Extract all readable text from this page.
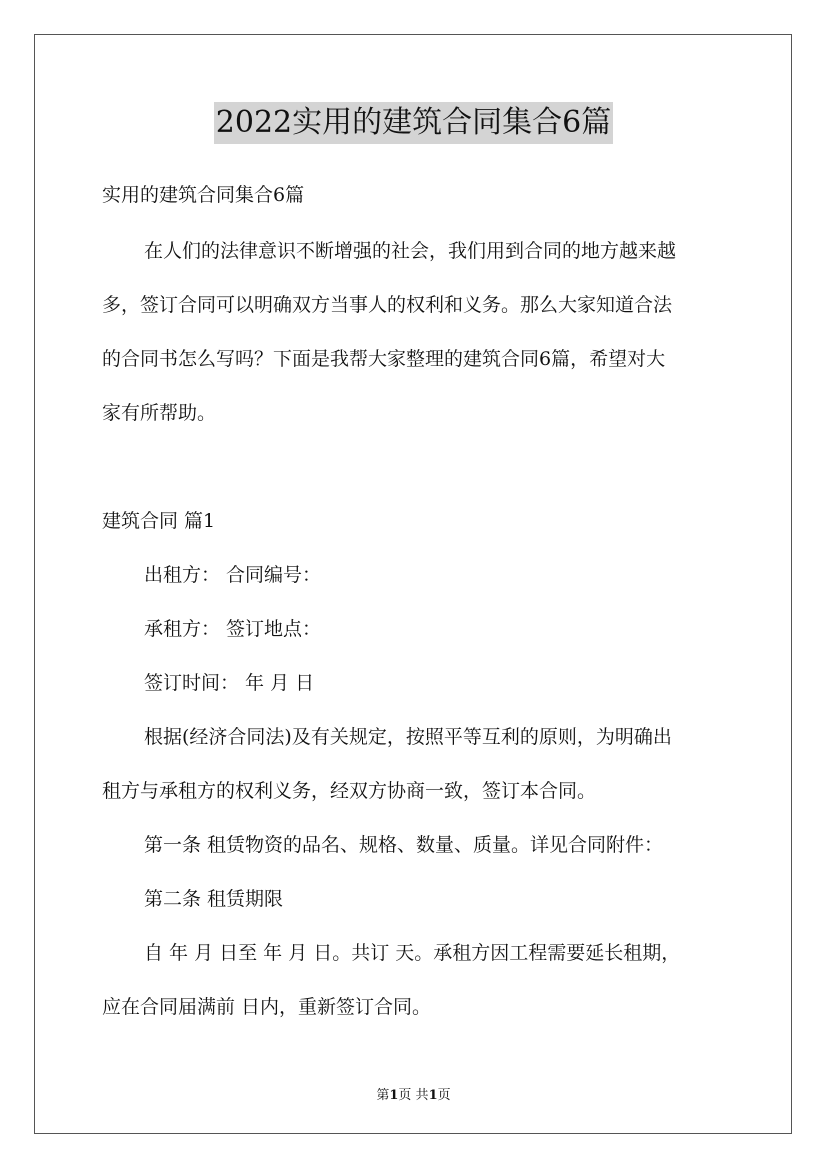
2022实用的建筑合同集合6篇
实用的建筑合同集合6篇
在人们的法律意识不断增强的社会，我们用到合同的地方越来越
多，签订合同可以明确双方当事人的权利和义务。那么大家知道合法
的合同书怎么写吗？下面是我帮大家整理的建筑合同6篇，希望对大
家有所帮助。
建筑合同 篇1
出租方： 合同编号：
承租方： 签订地点：
签订时间： 年 月 日
根据(经济合同法)及有关规定，按照平等互利的原则，为明确出
租方与承租方的权利义务，经双方协商一致，签订本合同。
第一条 租赁物资的品名、规格、数量、质量。详见合同附件：
第二条 租赁期限
自 年 月 日至 年 月 日。共订 天。承租方因工程需要延长租期，
应在合同届满前 日内，重新签订合同。
第1页 共1页
